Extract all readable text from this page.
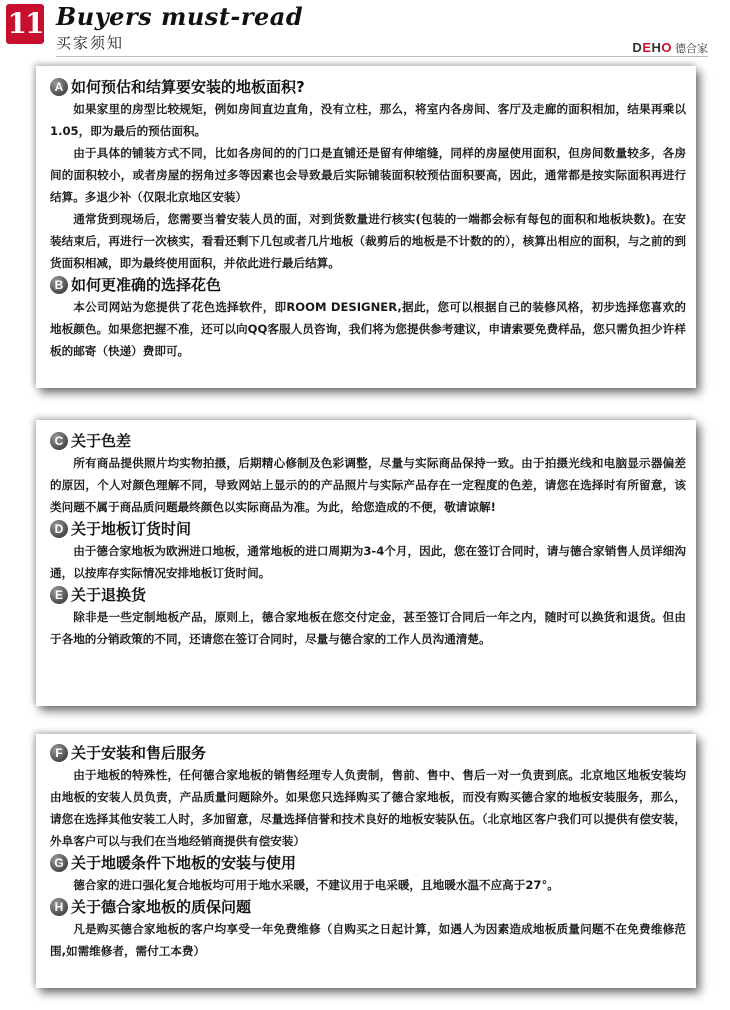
11 Buyers must-read
买家须知	DEHO 德合家
A 如何预估和结算要安装的地板面积?

如果家里的房型比较规矩，例如房间直边直角，没有立柱，那么，将室内各房间、客厅及走廊的面积相加，结果再乘以1.05，即为最后的预估面积。

由于具体的铺装方式不同，比如各房间的的门口是直铺还是留有伸缩缝，同样的房屋使用面积，但房间数量较多，各房间的面积较小，或者房屋的拐角过多等因素也会导致最后实际铺装面积较预估面积要高，因此，通常都是按实际面积再进行结算。多退少补（仅限北京地区安装）

通常货到现场后，您需要当着安装人员的面，对到货数量进行核实(包装的一端都会标有每包的面积和地板块数)。在安装结束后，再进行一次核实，看看还剩下几包或者几片地板（裁剪后的地板是不计数的的），核算出相应的面积，与之前的到货面积相减，即为最终使用面积，并依此进行最后结算。

B 如何更准确的选择花色

本公司网站为您提供了花色选择软件，即ROOM DESIGNER,据此，您可以根据自己的装修风格，初步选择您喜欢的地板颜色。如果您把握不准，还可以向QQ客服人员咨询，我们将为您提供参考建议，申请索要免费样品，您只需负担少许样板的邮寄（快递）费即可。

C 关于色差

所有商品提供照片均实物拍摄，后期精心修制及色彩调整，尽量与实际商品保持一致。由于拍摄光线和电脑显示器偏差的原因，个人对颜色理解不同，导致网站上显示的的产品照片与实际产品存在一定程度的色差，请您在选择时有所留意，该类问题不属于商品质问题最终颜色以实际商品为准。为此，给您造成的不便，敬请谅解!

D 关于地板订货时间

由于德合家地板为欧洲进口地板，通常地板的进口周期为3-4个月，因此，您在签订合同时，请与德合家销售人员详细沟通，以按库存实际情况安排地板订货时间。

E 关于退换货

除非是一些定制地板产品，原则上，德合家地板在您交付定金，甚至签订合同后一年之内，随时可以换货和退货。但由于各地的分销政策的不同，还请您在签订合同时，尽量与德合家的工作人员沟通清楚。

F 关于安装和售后服务

由于地板的特殊性，任何德合家地板的销售经理专人负责制，售前、售中、售后一对一负责到底。北京地区地板安装均由地板的安装人员负责，产品质量问题除外。如果您只选择购买了德合家地板，而没有购买德合家的地板安装服务，那么，请您在选择其他安装工人时，多加留意，尽量选择信誉和技术良好的地板安装队伍。（北京地区客户我们可以提供有偿安装，外阜客户可以与我们在当地经销商提供有偿安装）

G 关于地暖条件下地板的安装与使用

德合家的进口强化复合地板均可用于地水采暖，不建议用于电采暖，且地暖水温不应高于27°。

H 关于德合家地板的质保问题

凡是购买德合家地板的客户均享受一年免费维修（自购买之日起计算，如遇人为因素造成地板质量问题不在免费维修范围,如需维修者，需付工本费）
